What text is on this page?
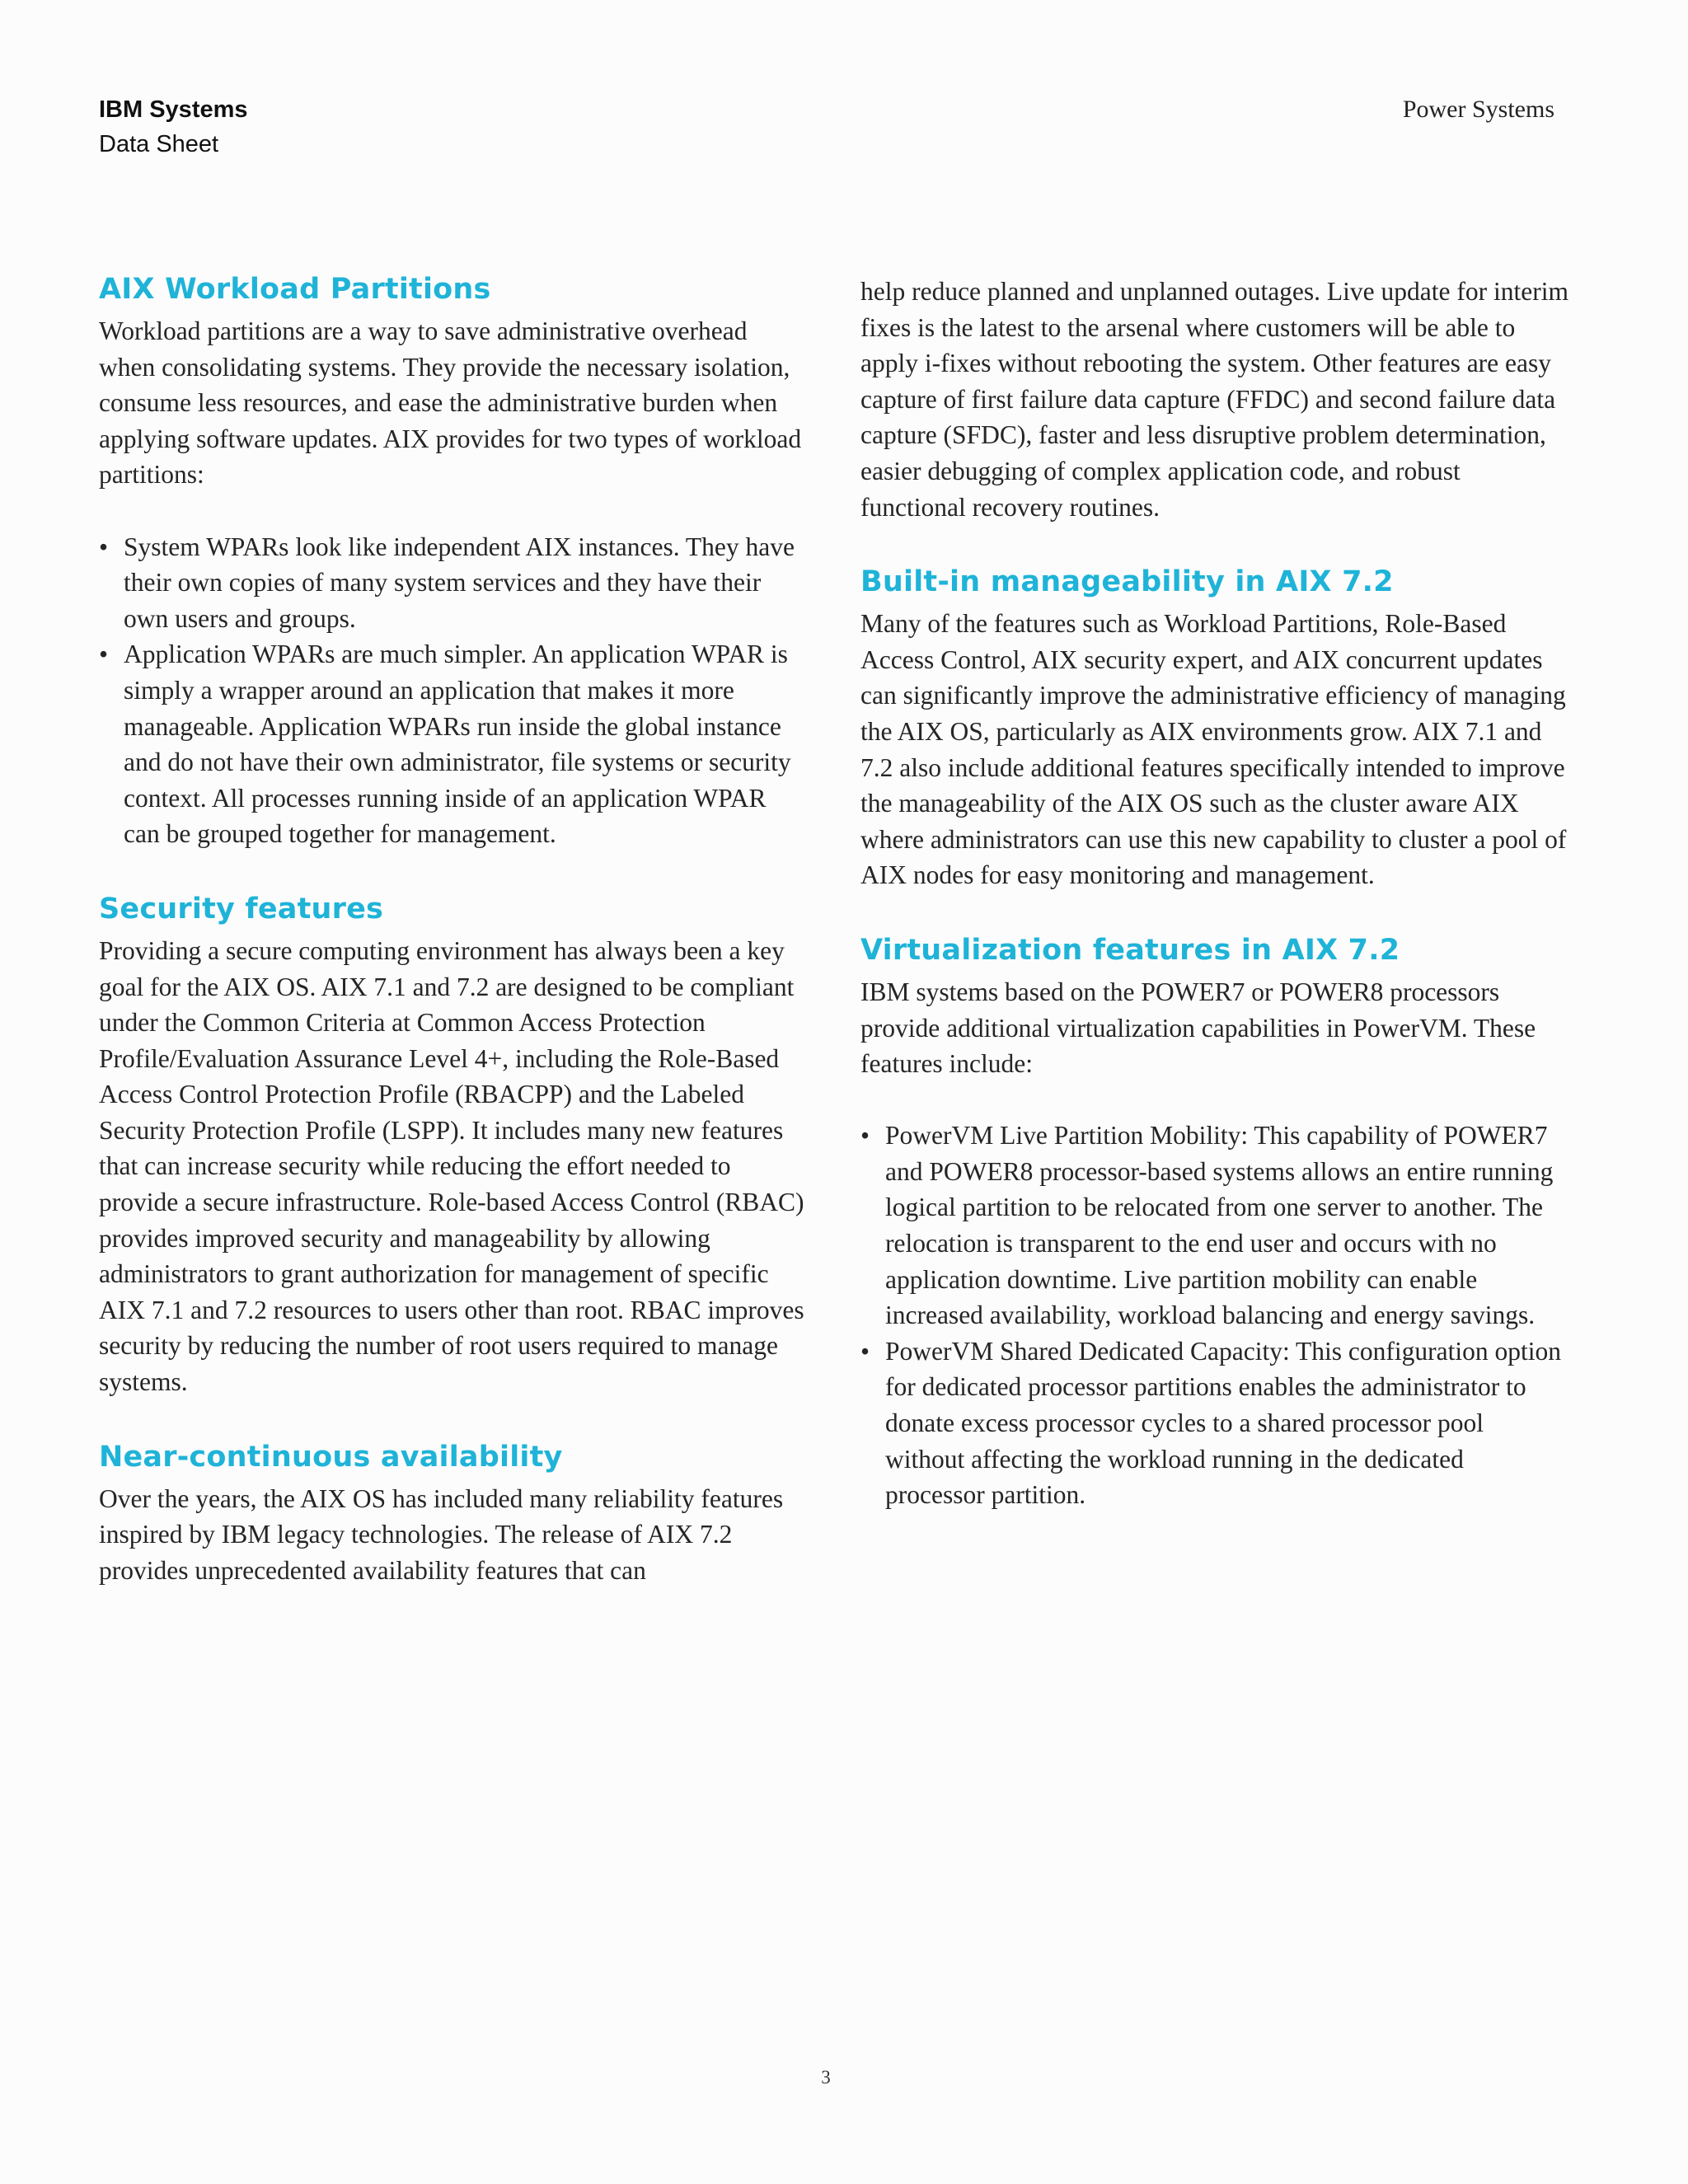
IBM Systems
Data Sheet
Power Systems
AIX Workload Partitions

Workload partitions are a way to save administrative overhead when consolidating systems. They provide the necessary isolation, consume less resources, and ease the administrative burden when applying software updates. AIX provides for two types of workload partitions:

• System WPARs look like independent AIX instances. They have their own copies of many system services and they have their own users and groups.
• Application WPARs are much simpler. An application WPAR is simply a wrapper around an application that makes it more manageable. Application WPARs run inside the global instance and do not have their own administrator, file systems or security context. All processes running inside of an application WPAR can be grouped together for management.
Security features

Providing a secure computing environment has always been a key goal for the AIX OS. AIX 7.1 and 7.2 are designed to be compliant under the Common Criteria at Common Access Protection Profile/Evaluation Assurance Level 4+, including the Role-Based Access Control Protection Profile (RBACPP) and the Labeled Security Protection Profile (LSPP). It includes many new features that can increase security while reducing the effort needed to provide a secure infrastructure. Role-based Access Control (RBAC) provides improved security and manageability by allowing administrators to grant authorization for management of specific AIX 7.1 and 7.2 resources to users other than root. RBAC improves security by reducing the number of root users required to manage systems.

Near-continuous availability

Over the years, the AIX OS has included many reliability features inspired by IBM legacy technologies. The release of AIX 7.2 provides unprecedented availability features that can

help reduce planned and unplanned outages. Live update for interim fixes is the latest to the arsenal where customers will be able to apply i-fixes without rebooting the system. Other features are easy capture of first failure data capture (FFDC) and second failure data capture (SFDC), faster and less disruptive problem determination, easier debugging of complex application code, and robust functional recovery routines.

Built-in manageability in AIX 7.2

Many of the features such as Workload Partitions, Role-Based Access Control, AIX security expert, and AIX concurrent updates can significantly improve the administrative efficiency of managing the AIX OS, particularly as AIX environments grow. AIX 7.1 and 7.2 also include additional features specifically intended to improve the manageability of the AIX OS such as the cluster aware AIX where administrators can use this new capability to cluster a pool of AIX nodes for easy monitoring and management.

Virtualization features in AIX 7.2

IBM systems based on the POWER7 or POWER8 processors provide additional virtualization capabilities in PowerVM. These features include:

• PowerVM Live Partition Mobility: This capability of POWER7 and POWER8 processor-based systems allows an entire running logical partition to be relocated from one server to another. The relocation is transparent to the end user and occurs with no application downtime. Live partition mobility can enable increased availability, workload balancing and energy savings.
• PowerVM Shared Dedicated Capacity: This configuration option for dedicated processor partitions enables the administrator to donate excess processor cycles to a shared processor pool without affecting the workload running in the dedicated processor partition.
3
